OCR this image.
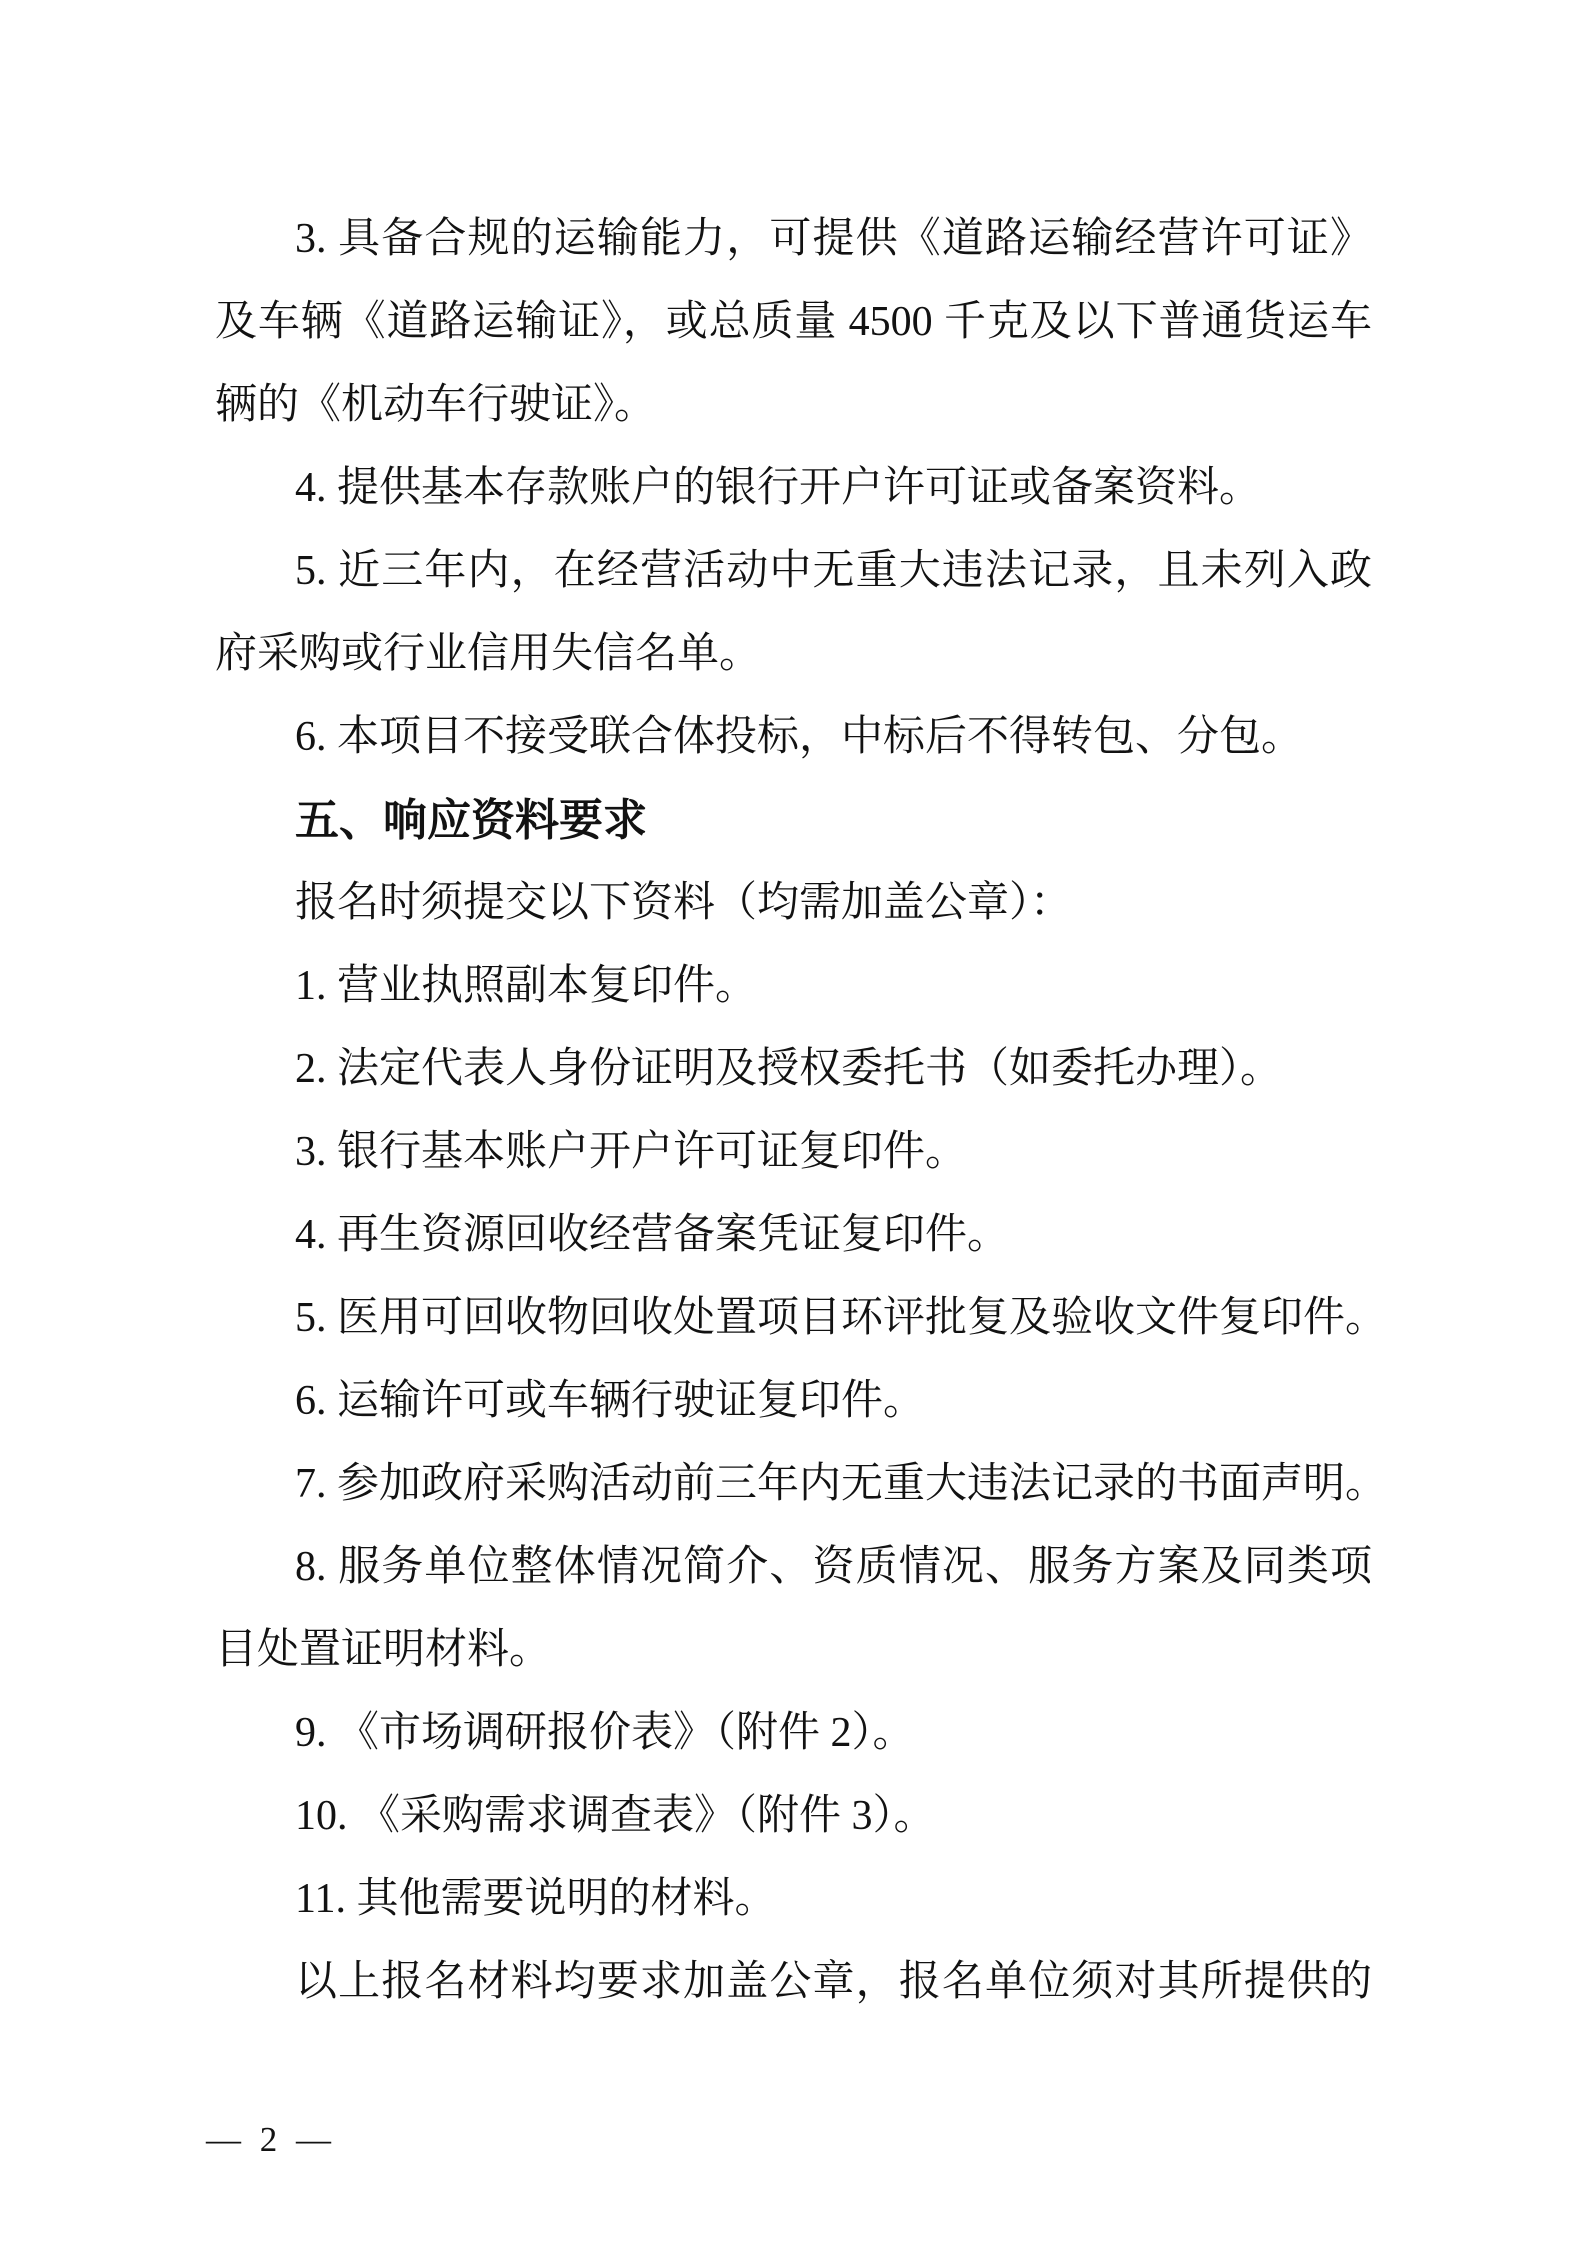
3. 具备合规的运输能力，可提供《道路运输经营许可证》
及车辆《道路运输证》，或总质量 4500 千克及以下普通货运车
辆的《机动车行驶证》。
4. 提供基本存款账户的银行开户许可证或备案资料。
5. 近三年内，在经营活动中无重大违法记录，且未列入政
府采购或行业信用失信名单。
6. 本项目不接受联合体投标，中标后不得转包、分包。
五、响应资料要求
报名时须提交以下资料（均需加盖公章）：
1. 营业执照副本复印件。
2. 法定代表人身份证明及授权委托书（如委托办理）。
3. 银行基本账户开户许可证复印件。
4. 再生资源回收经营备案凭证复印件。
5. 医用可回收物回收处置项目环评批复及验收文件复印件。
6. 运输许可或车辆行驶证复印件。
7. 参加政府采购活动前三年内无重大违法记录的书面声明。
8. 服务单位整体情况简介、资质情况、服务方案及同类项
目处置证明材料。
9. 《市场调研报价表》（附件 2）。
10. 《采购需求调查表》（附件 3）。
11. 其他需要说明的材料。
以上报名材料均要求加盖公章，报名单位须对其所提供的
— 2 —
